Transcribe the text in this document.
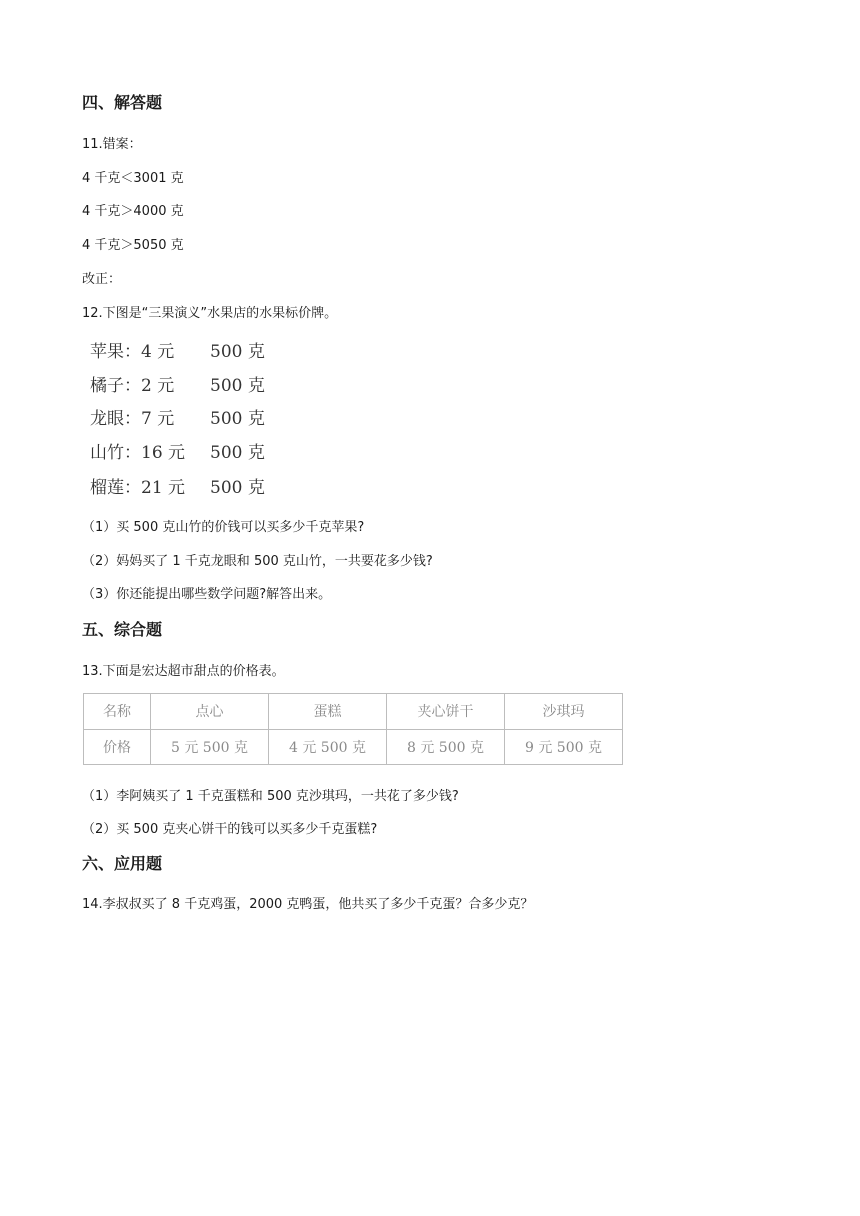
四、解答题
11.错案：
4 千克＜3001 克
4 千克＞4000 克
4 千克＞5050 克
改正：
12.下图是“三果演义”水果店的水果标价牌。
苹果：4 元 500 克
橘子：2 元 500 克
龙眼：7 元 500 克
山竹：16 元 500 克
榴莲：21 元 500 克
（1）买 500 克山竹的价钱可以买多少千克苹果?
（2）妈妈买了 1 千克龙眼和 500 克山竹，一共要花多少钱?
（3）你还能提出哪些数学问题?解答出来。
五、综合题
13.下面是宏达超市甜点的价格表。
名称	点心	蛋糕	夹心饼干	沙琪玛
价格	5 元 500 克	4 元 500 克	8 元 500 克	9 元 500 克
（1）李阿姨买了 1 千克蛋糕和 500 克沙琪玛，一共花了多少钱?
（2）买 500 克夹心饼干的钱可以买多少千克蛋糕?
六、应用题
14.李叔叔买了 8 千克鸡蛋，2000 克鸭蛋，他共买了多少千克蛋？合多少克？
